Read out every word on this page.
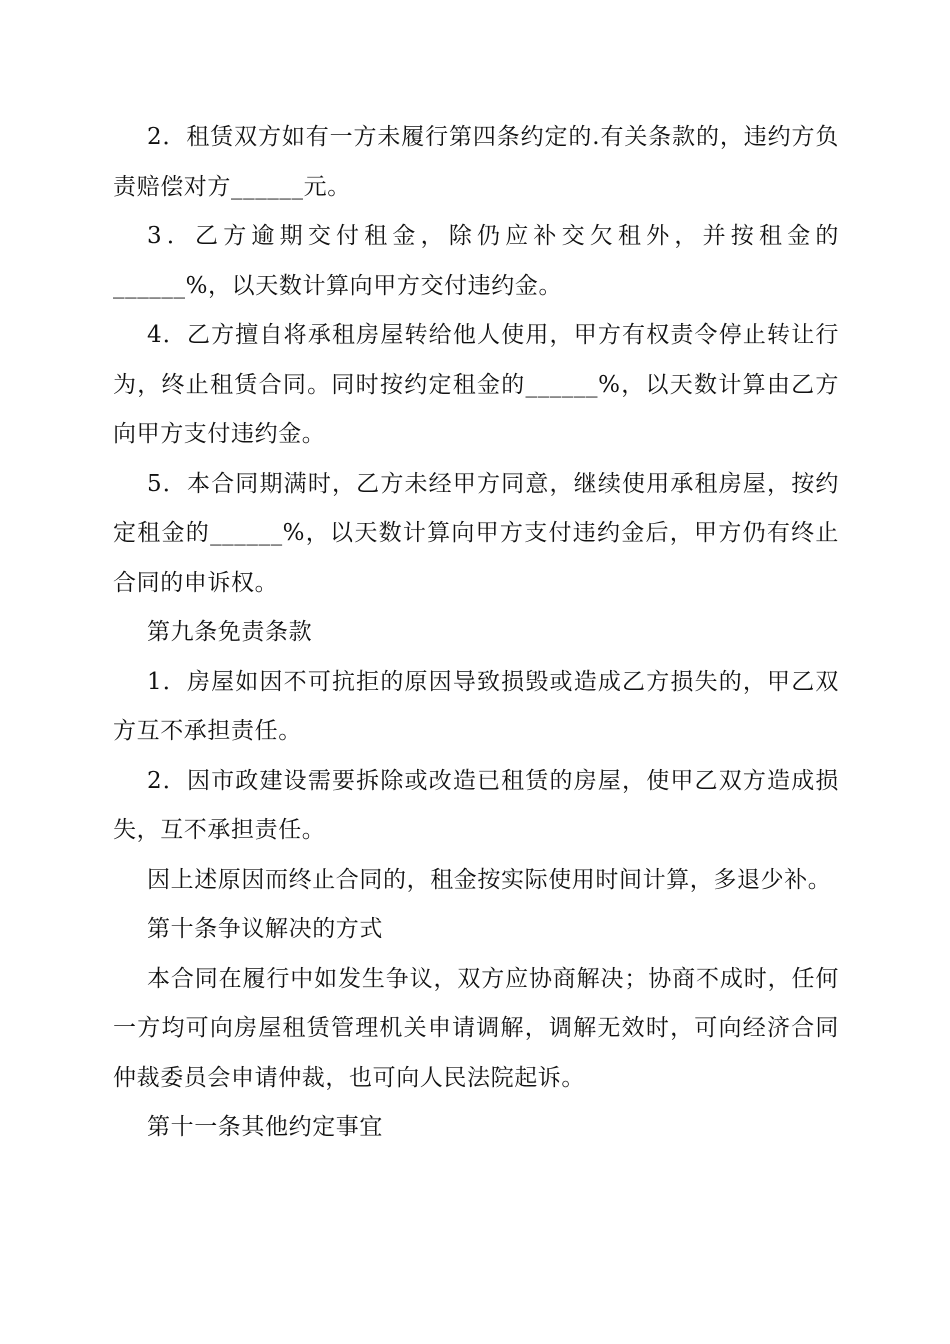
2．租赁双方如有一方未履行第四条约定的.有关条款的，违约方负责赔偿对方______元。

3．乙方逾期交付租金，除仍应补交欠租外，并按租金的______%，以天数计算向甲方交付违约金。

4．乙方擅自将承租房屋转给他人使用，甲方有权责令停止转让行为，终止租赁合同。同时按约定租金的______%，以天数计算由乙方向甲方支付违约金。

5．本合同期满时，乙方未经甲方同意，继续使用承租房屋，按约定租金的______%，以天数计算向甲方支付违约金后，甲方仍有终止合同的申诉权。

第九条免责条款

1．房屋如因不可抗拒的原因导致损毁或造成乙方损失的，甲乙双方互不承担责任。

2．因市政建设需要拆除或改造已租赁的房屋，使甲乙双方造成损失，互不承担责任。

因上述原因而终止合同的，租金按实际使用时间计算，多退少补。

第十条争议解决的方式

本合同在履行中如发生争议，双方应协商解决；协商不成时，任何一方均可向房屋租赁管理机关申请调解，调解无效时，可向经济合同仲裁委员会申请仲裁，也可向人民法院起诉。

第十一条其他约定事宜
